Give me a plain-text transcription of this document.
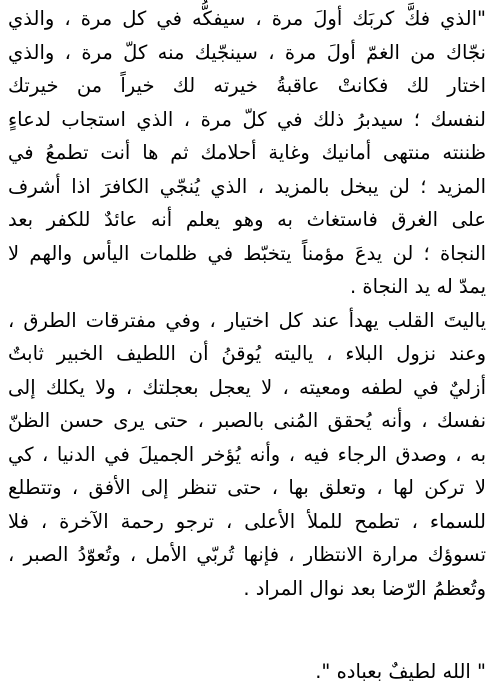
"الذي فكَّ كربَك أولَ مرة ، سيفكُّه في كل مرة ، والذي
نجّاك من الغمّ أولَ مرة ، سينجّيك منه كلّ مرة ، والذي
اختار لك فكانتْ عاقبةُ خيرته لك خيراً من خيرتك
لنفسك ؛ سيدبرُ ذلك في كلّ مرة ، الذي استجاب لدعاءٍ
ظننته منتهى أمانيك وغاية أحلامك ثم ها أنت تطمعُ في
المزيد ؛ لن يبخل بالمزيد ، الذي يُنجّي الكافرَ اذا أشرف
على الغرق فاستغاث به وهو يعلم أنه عائدٌ للكفر بعد
النجاة ؛ لن يدعَ مؤمناً يتخبّط في ظلمات اليأس والهم لا
يمدّ له يد النجاة .
ياليتَ القلب يهدأ عند كل اختيار ، وفي مفترقات الطرق ،
وعند نزول البلاء ، ياليته يُوقنُ أن اللطيف الخبير ثابتٌ
أزليٌ في لطفه ومعيته ، لا يعجل بعجلتك ، ولا يكلك إلى
نفسك ، وأنه يُحقق المُنى بالصبر ، حتى يرى حسن الظنّ
به ، وصدق الرجاء فيه ، وأنه يُؤخر الجميلَ في الدنيا ، كي
لا تركن لها ، وتعلق بها ، حتى تنظر إلى الأفق ، وتتطلع
للسماء ، تطمح للملأ الأعلى ، ترجو رحمة الآخرة ، فلا
تسوؤك مرارة الانتظار ، فإنها تُربّي الأمل ، وتُعوّدُ الصبر ،
وتُعظمُ الرّضا بعد نوال المراد .
" الله لطيفٌ بعباده ".
